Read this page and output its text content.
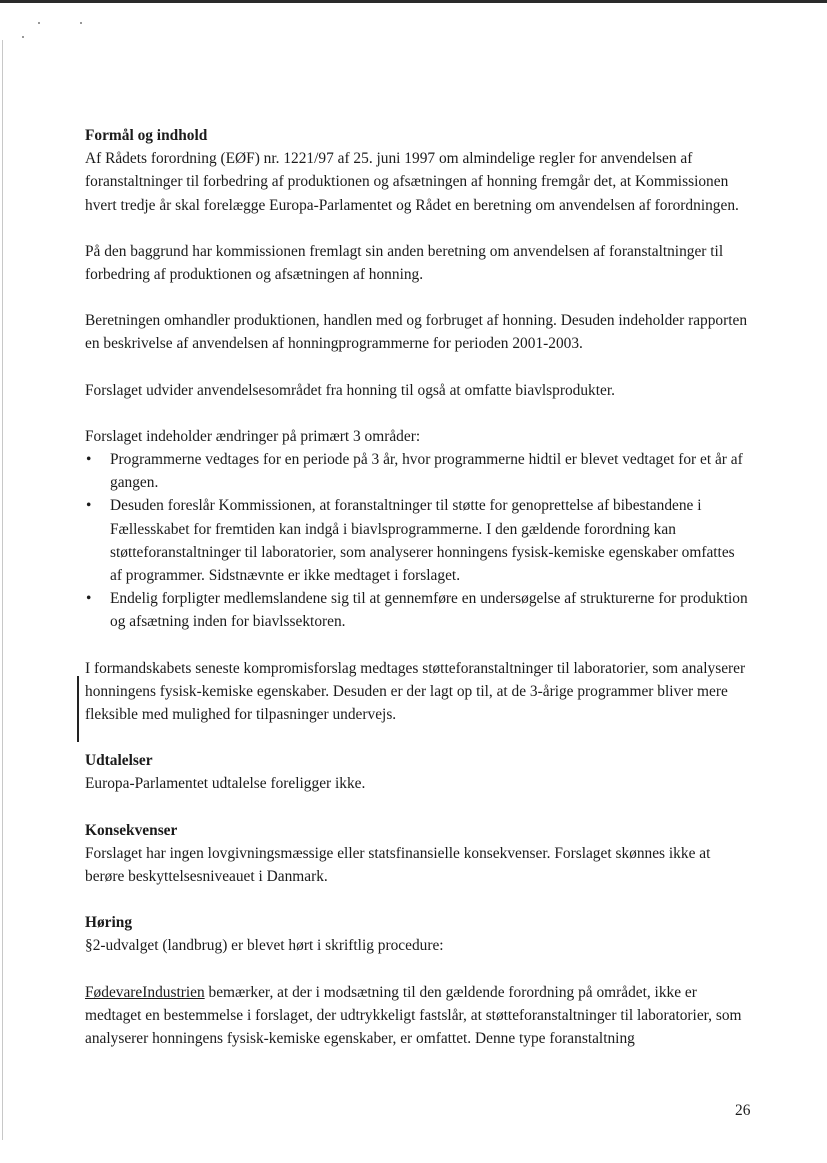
Formål og indhold

Af Rådets forordning (EØF) nr. 1221/97 af 25. juni 1997 om almindelige regler for anvendelsen af foranstaltninger til forbedring af produktionen og afsætningen af honning fremgår det, at Kommissionen hvert tredje år skal forelægge Europa-Parlamentet og Rådet en beretning om anvendelsen af forordningen.

På den baggrund har kommissionen fremlagt sin anden beretning om anvendelsen af foranstaltninger til forbedring af produktionen og afsætningen af honning.

Beretningen omhandler produktionen, handlen med og forbruget af honning. Desuden indeholder rapporten en beskrivelse af anvendelsen af honningprogrammerne for perioden 2001-2003.

Forslaget udvider anvendelsesområdet fra honning til også at omfatte biavlsprodukter.

Forslaget indeholder ændringer på primært 3 områder:

• Programmerne vedtages for en periode på 3 år, hvor programmerne hidtil er blevet vedtaget for et år af gangen.
• Desuden foreslår Kommissionen, at foranstaltninger til støtte for genoprettelse af bibestandene i Fællesskabet for fremtiden kan indgå i biavlsprogrammerne. I den gældende forordning kan støtteforanstaltninger til laboratorier, som analyserer honningens fysisk-kemiske egenskaber omfattes af programmer. Sidstnævnte er ikke medtaget i forslaget.
• Endelig forpligter medlemslandene sig til at gennemføre en undersøgelse af strukturerne for produktion og afsætning inden for biavlssektoren.

I formandskabets seneste kompromisforslag medtages støtteforanstaltninger til laboratorier, som analyserer honningens fysisk-kemiske egenskaber. Desuden er der lagt op til, at de 3-årige programmer bliver mere fleksible med mulighed for tilpasninger undervejs.

Udtalelser

Europa-Parlamentet udtalelse foreligger ikke.

Konsekvenser

Forslaget har ingen lovgivningsmæssige eller statsfinansielle konsekvenser. Forslaget skønnes ikke at berøre beskyttelsesniveauet i Danmark.

Høring

§2-udvalget (landbrug) er blevet hørt i skriftlig procedure:

FødevareIndustrien bemærker, at der i modsætning til den gældende forordning på området, ikke er medtaget en bestemmelse i forslaget, der udtrykkeligt fastslår, at støtteforanstaltninger til laboratorier, som analyserer honningens fysisk-kemiske egenskaber, er omfattet. Denne type foranstaltning

26
